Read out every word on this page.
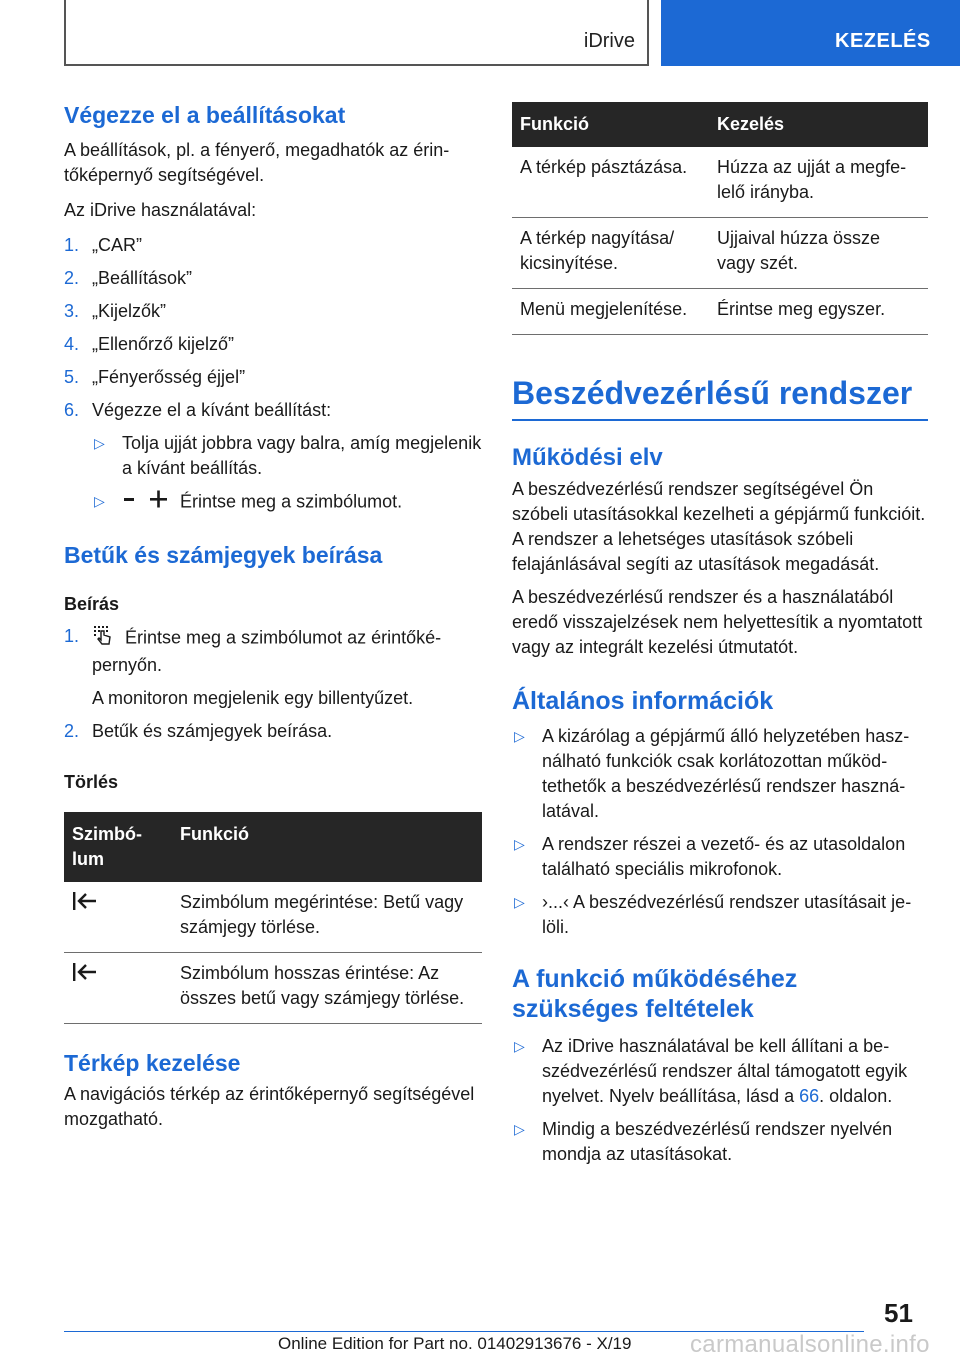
iDrive	KEZELÉS
Végezze el a beállításokat
A beállítások, pl. a fényerő, megadhatók az érintőképernyő segítségével.
Az iDrive használatával:
1. „CAR”
2. „Beállítások”
3. „Kijelzők”
4. „Ellenőrző kijelző”
5. „Fényerősség éjjel”
6. Végezze el a kívánt beállítást:
▷ Tolja ujját jobbra vagy balra, amíg megjelenik a kívánt beállítás.
▷	Érintse meg a szimbólumot.
Betűk és számjegyek beírása
Beírás
1.	Érintse meg a szimbólumot az érintőképernyőn.
A monitoron megjelenik egy billentyűzet.
2. Betűk és számjegyek beírása.
Törlés
Szimbólum	Funkció
	Szimbólum megérintése: Betű vagy számjegy törlése.
	Szimbólum hosszas érintése: Az összes betű vagy számjegy törlése.
Térkép kezelése
A navigációs térkép az érintőképernyő segítségével mozgatható.
Funkció	Kezelés
A térkép pásztázása.	Húzza az ujját a megfelelő irányba.
A térkép nagyítása/ kicsinyítése.	Ujjaival húzza össze vagy szét.
Menü megjelenítése.	Érintse meg egyszer.
Beszédvezérlésű rendszer
Működési elv
A beszédvezérlésű rendszer segítségével Ön szóbeli utasításokkal kezelheti a gépjármű funkcióit. A rendszer a lehetséges utasítások szóbeli felajánlásával segíti az utasítások megadását.
A beszédvezérlésű rendszer és a használatából eredő visszajelzések nem helyettesítik a nyomtatott vagy az integrált kezelési útmutatót.
Általános információk
▷ A kizárólag a gépjármű álló helyzetében használható funkciók csak korlátozottan működtethetők a beszédvezérlésű rendszer használatával.
▷ A rendszer részei a vezető- és az utasoldalon található speciális mikrofonok.
▷ ›...‹ A beszédvezérlésű rendszer utasításait jelöli.
A funkció működéséhez szükséges feltételek
▷ Az iDrive használatával be kell állítani a beszédvezérlésű rendszer által támogatott egyik nyelvet. Nyelv beállítása, lásd a 66. oldalon.
▷ Mindig a beszédvezérlésű rendszer nyelvén mondja az utasításokat.
51
Online Edition for Part no. 01402913676 - X/19 carmanualsonline.info
